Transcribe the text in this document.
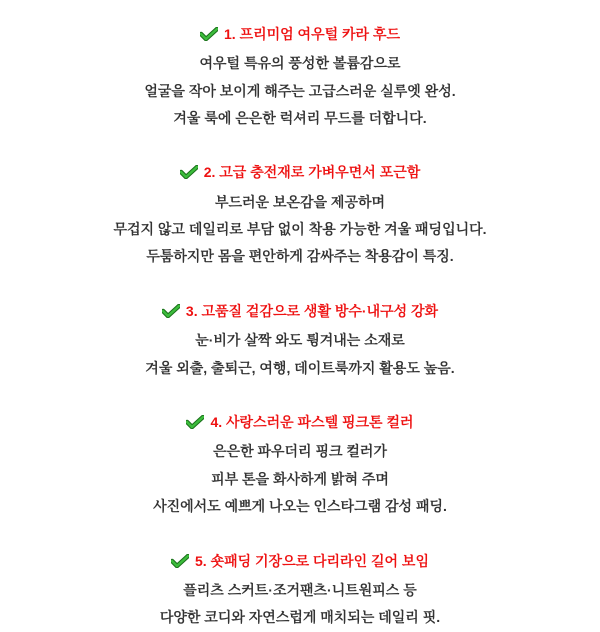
1. 프리미엄 여우털 카라 후드
여우털 특유의 풍성한 볼륨감으로
얼굴을 작아 보이게 해주는 고급스러운 실루엣 완성.
겨울 룩에 은은한 럭셔리 무드를 더합니다.
2. 고급 충전재로 가벼우면서 포근함
부드러운 보온감을 제공하며
무겁지 않고 데일리로 부담 없이 착용 가능한 겨울 패딩입니다.
두툼하지만 몸을 편안하게 감싸주는 착용감이 특징.
3. 고품질 겉감으로 생활 방수·내구성 강화
눈·비가 살짝 와도 튕겨내는 소재로
겨울 외출, 출퇴근, 여행, 데이트룩까지 활용도 높음.
4. 사랑스러운 파스텔 핑크톤 컬러
은은한 파우더리 핑크 컬러가
피부 톤을 화사하게 밝혀 주며
사진에서도 예쁘게 나오는 인스타그램 감성 패딩.
5. 숏패딩 기장으로 다리라인 길어 보임
플리츠 스커트·조거팬츠·니트원피스 등
다양한 코디와 자연스럽게 매치되는 데일리 핏.
